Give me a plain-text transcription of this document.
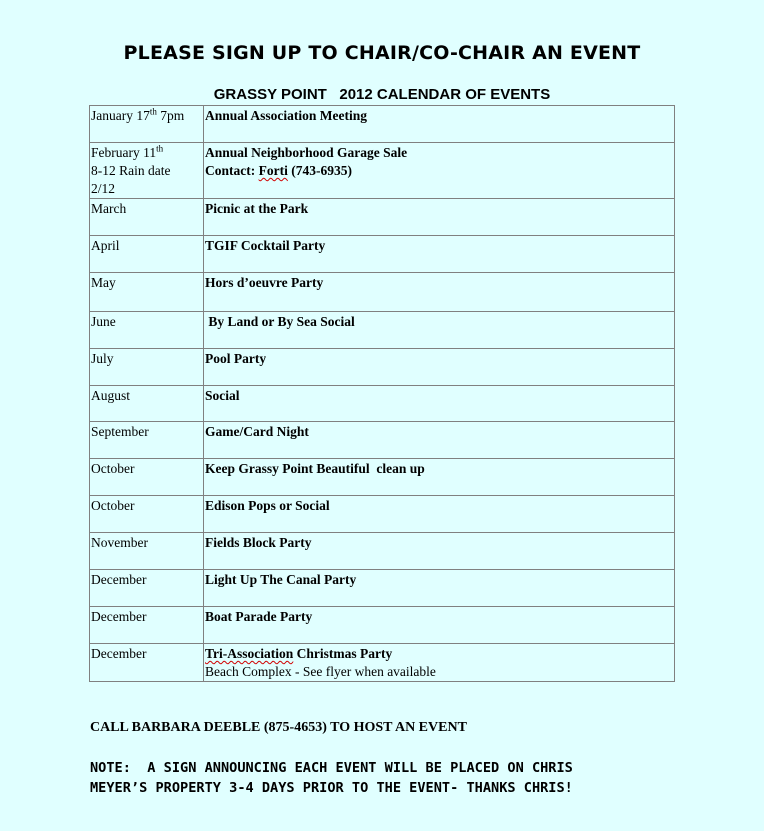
PLEASE SIGN UP TO CHAIR/CO-CHAIR AN EVENT
GRASSY POINT   2012 CALENDAR OF EVENTS
January 17th 7pm	Annual Association Meeting
February 11th
8-12 Rain date
2/12	Annual Neighborhood Garage Sale
Contact: Forti (743-6935)
March	Picnic at the Park
April	TGIF Cocktail Party
May	Hors d’oeuvre Party
June	By Land or By Sea Social
July	Pool Party
August	Social
September	Game/Card Night
October	Keep Grassy Point Beautiful  clean up
October	Edison Pops or Social
November	Fields Block Party
December	Light Up The Canal Party
December	Boat Parade Party
December	Tri-Association Christmas Party
Beach Complex - See flyer when available
CALL BARBARA DEEBLE (875-4653) TO HOST AN EVENT
NOTE:  A SIGN ANNOUNCING EACH EVENT WILL BE PLACED ON CHRIS
MEYER’S PROPERTY 3-4 DAYS PRIOR TO THE EVENT- THANKS CHRIS!
